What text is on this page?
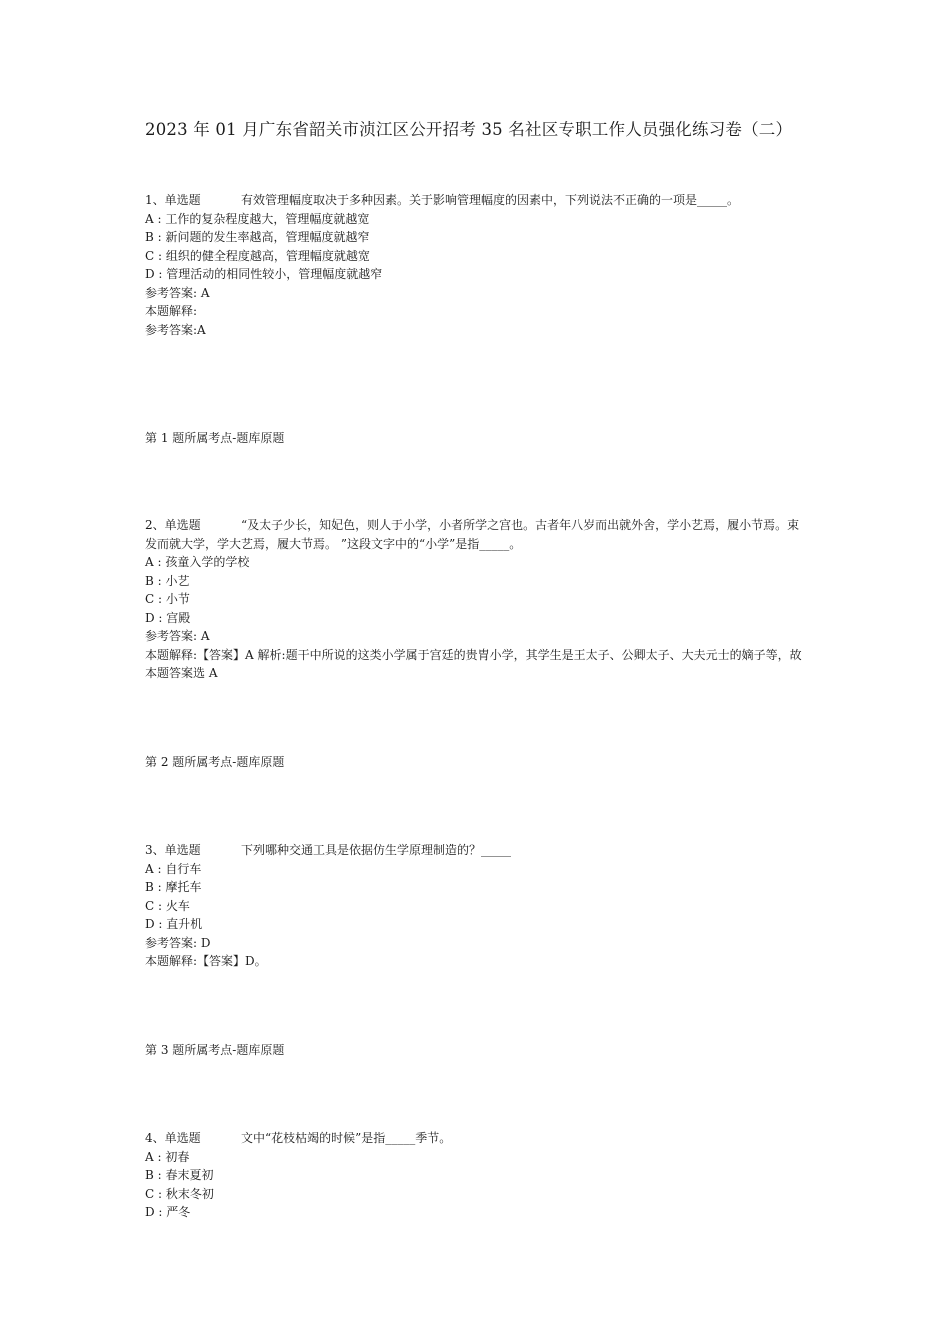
2023 年 01 月广东省韶关市浈江区公开招考 35 名社区专职工作人员强化练习卷（二）
1、单选题	有效管理幅度取决于多种因素。关于影响管理幅度的因素中，下列说法不正确的一项是_____。
A : 工作的复杂程度越大，管理幅度就越宽
B : 新问题的发生率越高，管理幅度就越窄
C : 组织的健全程度越高，管理幅度就越宽
D : 管理活动的相同性较小，管理幅度就越窄
参考答案: A
本题解释:
参考答案:A
第 1 题所属考点-题库原题
2、单选题	“及太子少长，知妃色，则人于小学，小者所学之宫也。古者年八岁而出就外舍，学小艺焉，履小节焉。束发而就大学，学大艺焉，履大节焉。 ”这段文字中的“小学”是指_____。
A : 孩童入学的学校
B : 小艺
C : 小节
D : 宫殿
参考答案: A
本题解释:【答案】A 解析:题干中所说的这类小学属于宫廷的贵胄小学，其学生是王太子、公卿太子、大夫元士的嫡子等，故本题答案选 A
第 2 题所属考点-题库原题
3、单选题	下列哪种交通工具是依据仿生学原理制造的？_____
A : 自行车
B : 摩托车
C : 火车
D : 直升机
参考答案: D
本题解释:【答案】D。
第 3 题所属考点-题库原题
4、单选题	文中“花枝枯竭的时候”是指_____季节。
A : 初春
B : 春末夏初
C : 秋末冬初
D : 严冬
